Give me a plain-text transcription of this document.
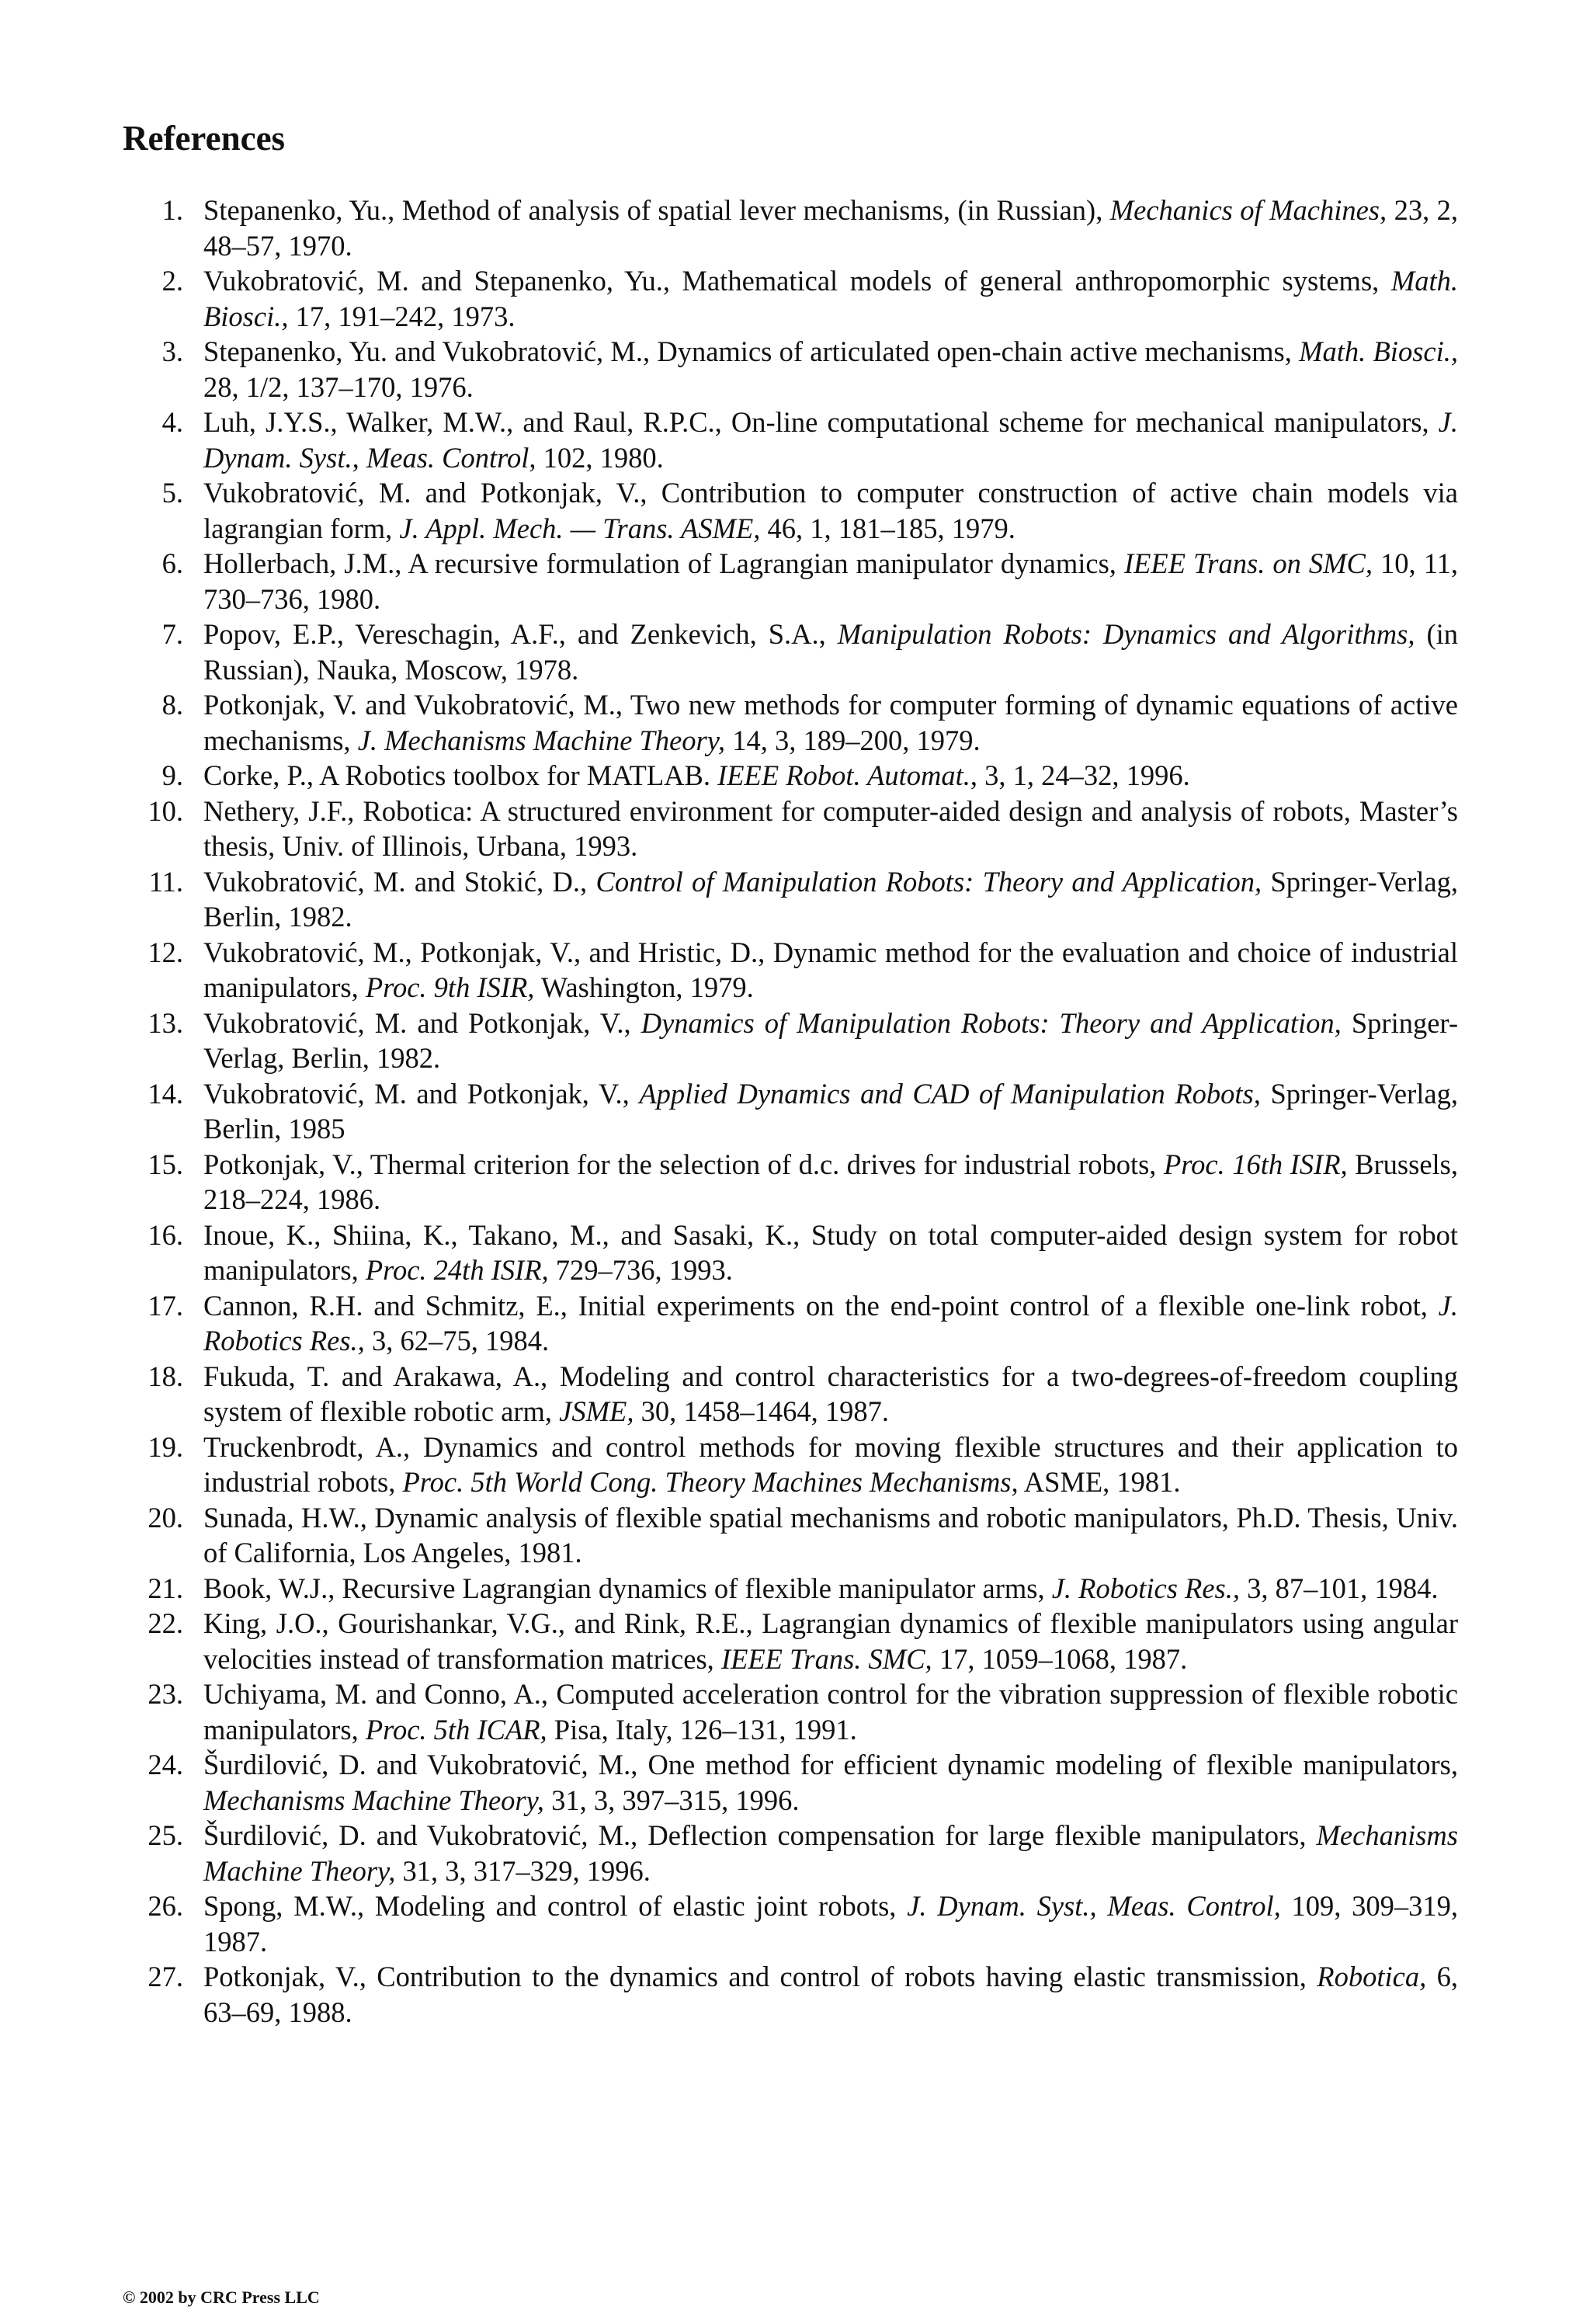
References
1. Stepanenko, Yu., Method of analysis of spatial lever mechanisms, (in Russian), Mechanics of Machines, 23, 2, 48–57, 1970.
2. Vukobratović, M. and Stepanenko, Yu., Mathematical models of general anthropomorphic systems, Math. Biosci., 17, 191–242, 1973.
3. Stepanenko, Yu. and Vukobratović, M., Dynamics of articulated open-chain active mechanisms, Math. Biosci., 28, 1/2, 137–170, 1976.
4. Luh, J.Y.S., Walker, M.W., and Raul, R.P.C., On-line computational scheme for mechanical manipulators, J. Dynam. Syst., Meas. Control, 102, 1980.
5. Vukobratović, M. and Potkonjak, V., Contribution to computer construction of active chain models via lagrangian form, J. Appl. Mech. — Trans. ASME, 46, 1, 181–185, 1979.
6. Hollerbach, J.M., A recursive formulation of Lagrangian manipulator dynamics, IEEE Trans. on SMC, 10, 11, 730–736, 1980.
7. Popov, E.P., Vereschagin, A.F., and Zenkevich, S.A., Manipulation Robots: Dynamics and Algorithms, (in Russian), Nauka, Moscow, 1978.
8. Potkonjak, V. and Vukobratović, M., Two new methods for computer forming of dynamic equations of active mechanisms, J. Mechanisms Machine Theory, 14, 3, 189–200, 1979.
9. Corke, P., A Robotics toolbox for MATLAB. IEEE Robot. Automat., 3, 1, 24–32, 1996.
10. Nethery, J.F., Robotica: A structured environment for computer-aided design and analysis of robots, Master’s thesis, Univ. of Illinois, Urbana, 1993.
11. Vukobratović, M. and Stokić, D., Control of Manipulation Robots: Theory and Application, Springer-Verlag, Berlin, 1982.
12. Vukobratović, M., Potkonjak, V., and Hristic, D., Dynamic method for the evaluation and choice of industrial manipulators, Proc. 9th ISIR, Washington, 1979.
13. Vukobratović, M. and Potkonjak, V., Dynamics of Manipulation Robots: Theory and Application, Springer-Verlag, Berlin, 1982.
14. Vukobratović, M. and Potkonjak, V., Applied Dynamics and CAD of Manipulation Robots, Springer-Verlag, Berlin, 1985
15. Potkonjak, V., Thermal criterion for the selection of d.c. drives for industrial robots, Proc. 16th ISIR, Brussels, 218–224, 1986.
16. Inoue, K., Shiina, K., Takano, M., and Sasaki, K., Study on total computer-aided design system for robot manipulators, Proc. 24th ISIR, 729–736, 1993.
17. Cannon, R.H. and Schmitz, E., Initial experiments on the end-point control of a flexible one-link robot, J. Robotics Res., 3, 62–75, 1984.
18. Fukuda, T. and Arakawa, A., Modeling and control characteristics for a two-degrees-of-freedom coupling system of flexible robotic arm, JSME, 30, 1458–1464, 1987.
19. Truckenbrodt, A., Dynamics and control methods for moving flexible structures and their application to industrial robots, Proc. 5th World Cong. Theory Machines Mechanisms, ASME, 1981.
20. Sunada, H.W., Dynamic analysis of flexible spatial mechanisms and robotic manipulators, Ph.D. Thesis, Univ. of California, Los Angeles, 1981.
21. Book, W.J., Recursive Lagrangian dynamics of flexible manipulator arms, J. Robotics Res., 3, 87–101, 1984.
22. King, J.O., Gourishankar, V.G., and Rink, R.E., Lagrangian dynamics of flexible manipulators using angular velocities instead of transformation matrices, IEEE Trans. SMC, 17, 1059–1068, 1987.
23. Uchiyama, M. and Conno, A., Computed acceleration control for the vibration suppression of flexible robotic manipulators, Proc. 5th ICAR, Pisa, Italy, 126–131, 1991.
24. Šurdilović, D. and Vukobratović, M., One method for efficient dynamic modeling of flexible manipulators, Mechanisms Machine Theory, 31, 3, 397–315, 1996.
25. Šurdilović, D. and Vukobratović, M., Deflection compensation for large flexible manipulators, Mechanisms Machine Theory, 31, 3, 317–329, 1996.
26. Spong, M.W., Modeling and control of elastic joint robots, J. Dynam. Syst., Meas. Control, 109, 309–319, 1987.
27. Potkonjak, V., Contribution to the dynamics and control of robots having elastic transmission, Robotica, 6, 63–69, 1988.
© 2002 by CRC Press LLC
